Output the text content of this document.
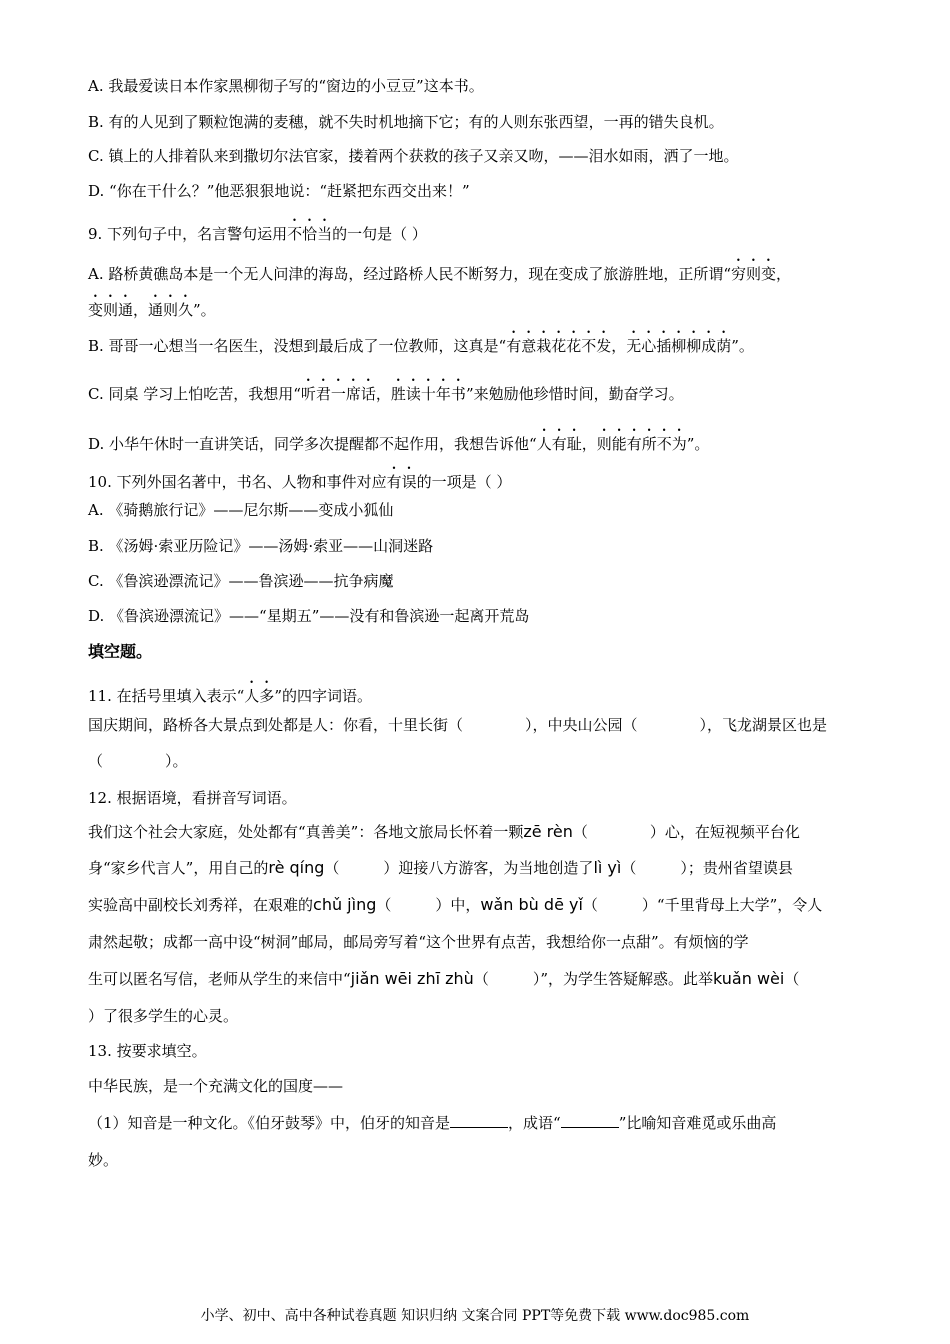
A. 我最爱读日本作家黑柳彻子写的“窗边的小豆豆”这本书。
B. 有的人见到了颗粒饱满的麦穗，就不失时机地摘下它；有的人则东张西望，一再的错失良机。
C. 镇上的人排着队来到撒切尔法官家，搂着两个获救的孩子又亲又吻，——泪水如雨，洒了一地。
D. “你在干什么？”他恶狠狠地说：“赶紧把东西交出来！”
9. 下列句子中，名言警句运用不恰当的一句是（ ）
A. 路桥黄礁岛本是一个无人问津的海岛，经过路桥人民不断努力，现在变成了旅游胜地，正所谓“穷则变，
变则通，通则久”。
B. 哥哥一心想当一名医生，没想到最后成了一位教师，这真是“有意栽花花不发，无心插柳柳成荫”。
C. 同桌 学习上怕吃苦，我想用“听君一席话，胜读十年书”来勉励他珍惜时间，勤奋学习。
D. 小华午休时一直讲笑话，同学多次提醒都不起作用，我想告诉他“人有耻，则能有所不为”。
10. 下列外国名著中，书名、人物和事件对应有误的一项是（ ）
A. 《骑鹅旅行记》——尼尔斯——变成小狐仙
B. 《汤姆·索亚历险记》——汤姆·索亚——山洞迷路
C. 《鲁滨逊漂流记》——鲁滨逊——抗争病魔
D. 《鲁滨逊漂流记》——“星期五”——没有和鲁滨逊一起离开荒岛
填空题。
11. 在括号里填入表示“人多”的四字词语。
国庆期间，路桥各大景点到处都是人：你看，十里长街（	），中央山公园（	），飞龙湖景区也是
（	）。
12. 根据语境，看拼音写词语。
我们这个社会大家庭，处处都有“真善美”：各地文旅局长怀着一颗zē rèn（	）心，在短视频平台化
身“家乡代言人”，用自己的rè qíng（	）迎接八方游客，为当地创造了lì yì（	）；贵州省望谟县
实验高中副校长刘秀祥，在艰难的chǔ jìng（	）中，wǎn bù dē yǐ（	）“千里背母上大学”，令人
肃然起敬；成都一高中设“树洞”邮局，邮局旁写着“这个世界有点苦，我想给你一点甜”。有烦恼的学
生可以匿名写信，老师从学生的来信中“jiǎn wēi zhī zhù（	）”，为学生答疑解惑。此举kuǎn wèi（
）了很多学生的心灵。
13. 按要求填空。
中华民族，是一个充满文化的国度——
（1）知音是一种文化。《伯牙鼓琴》中，伯牙的知音是	，成语“	”比喻知音难觅或乐曲高
妙。
小学、初中、高中各种试卷真题 知识归纳 文案合同 PPT等免费下载 www.doc985.com
